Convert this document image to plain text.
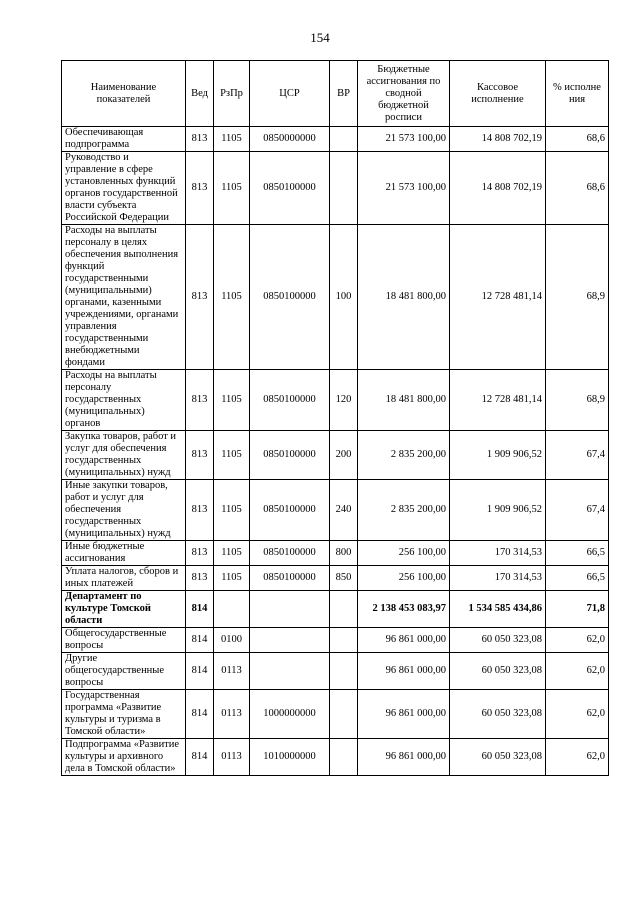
154
Наименование показателей	Вед	РзПр	ЦСР	ВР	Бюджетные ассигнования по сводной бюджетной росписи	Кассовое исполнение	% исполне ния
Обеспечивающая подпрограмма	813	1105	0850000000		21 573 100,00	14 808 702,19	68,6
Руководство и управление в сфере установленных функций органов государственной власти субъекта Российской Федерации	813	1105	0850100000		21 573 100,00	14 808 702,19	68,6
Расходы на выплаты персоналу в целях обеспечения выполнения функций государственными (муниципальными) органами, казенными учреждениями, органами управления государственными внебюджетными фондами	813	1105	0850100000	100	18 481 800,00	12 728 481,14	68,9
Расходы на выплаты персоналу государственных (муниципальных) органов	813	1105	0850100000	120	18 481 800,00	12 728 481,14	68,9
Закупка товаров, работ и услуг для обеспечения государственных (муниципальных) нужд	813	1105	0850100000	200	2 835 200,00	1 909 906,52	67,4
Иные закупки товаров, работ и услуг для обеспечения государственных (муниципальных) нужд	813	1105	0850100000	240	2 835 200,00	1 909 906,52	67,4
Иные бюджетные ассигнования	813	1105	0850100000	800	256 100,00	170 314,53	66,5
Уплата налогов, сборов и иных платежей	813	1105	0850100000	850	256 100,00	170 314,53	66,5
Департамент по культуре Томской области	814				2 138 453 083,97	1 534 585 434,86	71,8
Общегосударственные вопросы	814	0100			96 861 000,00	60 050 323,08	62,0
Другие общегосударственные вопросы	814	0113			96 861 000,00	60 050 323,08	62,0
Государственная программа «Развитие культуры и туризма в Томской области»	814	0113	1000000000		96 861 000,00	60 050 323,08	62,0
Подпрограмма «Развитие культуры и архивного дела в Томской области»	814	0113	1010000000		96 861 000,00	60 050 323,08	62,0
